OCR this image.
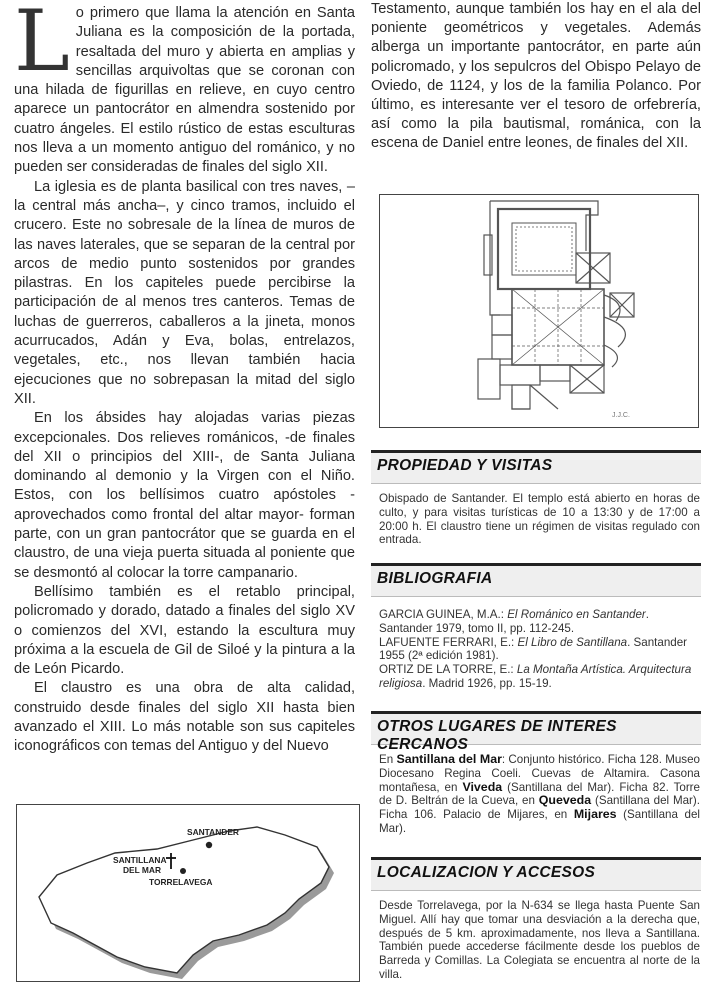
Lo primero que llama la atención en Santa Juliana es la composición de la portada, resaltada del muro y abierta en amplias y sencillas arquivoltas que se coronan con una hilada de figurillas en relieve, en cuyo centro aparece un pantocrátor en almendra sostenido por cuatro ángeles. El estilo rústico de estas esculturas nos lleva a un momento antiguo del románico, y no pueden ser consideradas de finales del siglo XII.

La iglesia es de planta basilical con tres naves, –la central más ancha–, y cinco tramos, incluido el crucero. Este no sobresale de la línea de muros de las naves laterales, que se separan de la central por arcos de medio punto sostenidos por grandes pilastras. En los capiteles puede percibirse la participación de al menos tres canteros. Temas de luchas de guerreros, caballeros a la jineta, monos acurrucados, Adán y Eva, bolas, entrelazos, vegetales, etc., nos llevan también hacia ejecuciones que no sobrepasan la mitad del siglo XII.

En los ábsides hay alojadas varias piezas excepcionales. Dos relieves románicos, -de finales del XII o principios del XIII-, de Santa Juliana dominando al demonio y la Virgen con el Niño. Estos, con los bellísimos cuatro apóstoles -aprovechados como frontal del altar mayor- forman parte, con un gran pantocrátor que se guarda en el claustro, de una vieja puerta situada al poniente que se desmontó al colocar la torre campanario.

Bellísimo también es el retablo principal, policromado y dorado, datado a finales del siglo XV o comienzos del XVI, estando la escultura muy próxima a la escuela de Gil de Siloé y la pintura a la de León Picardo.

El claustro es una obra de alta calidad, construido desde finales del siglo XII hasta bien avanzado el XIII. Lo más notable son sus capiteles iconográficos con temas del Antiguo y del Nuevo

Testamento, aunque también los hay en el ala del poniente geométricos y vegetales. Además alberga un importante pantocrátor, en parte aún policromado, y los sepulcros del Obispo Pelayo de Oviedo, de 1124, y los de la familia Polanco. Por último, es interesante ver el tesoro de orfebrería, así como la pila bautismal, románica, con la escena de Daniel entre leones, de finales del XII.

J.J.C.
PROPIEDAD Y VISITAS

Obispado de Santander. El templo está abierto en horas de culto, y para visitas turísticas de 10 a 13:30 y de 17:00 a 20:00 h. El claustro tiene un régimen de visitas regulado con entrada.

BIBLIOGRAFIA

GARCIA GUINEA, M.A.: El Románico en Santander. Santander 1979, tomo II, pp. 112-245.

LAFUENTE FERRARI, E.: El Libro de Santillana. Santander 1955 (2ª edición 1981).

ORTIZ DE LA TORRE, E.: La Montaña Artística. Arquitectura religiosa. Madrid 1926, pp. 15-19.

OTROS LUGARES DE INTERES CERCANOS

En Santillana del Mar: Conjunto histórico. Ficha 128. Museo Diocesano Regina Coeli. Cuevas de Altamira. Casona montañesa, en Viveda (Santillana del Mar). Ficha 82. Torre de D. Beltrán de la Cueva, en Queveda (Santillana del Mar). Ficha 106. Palacio de Mijares, en Mijares (Santillana del Mar).

LOCALIZACION Y ACCESOS

Desde Torrelavega, por la N-634 se llega hasta Puente San Miguel. Allí hay que tomar una desviación a la derecha que, después de 5 km. aproximadamente, nos lleva a Santillana. También puede accederse fácilmente desde los pueblos de Barreda y Comillas. La Colegiata se encuentra al norte de la villa.

SANTANDER
SANTILLANA
DEL MAR
TORRELAVEGA
